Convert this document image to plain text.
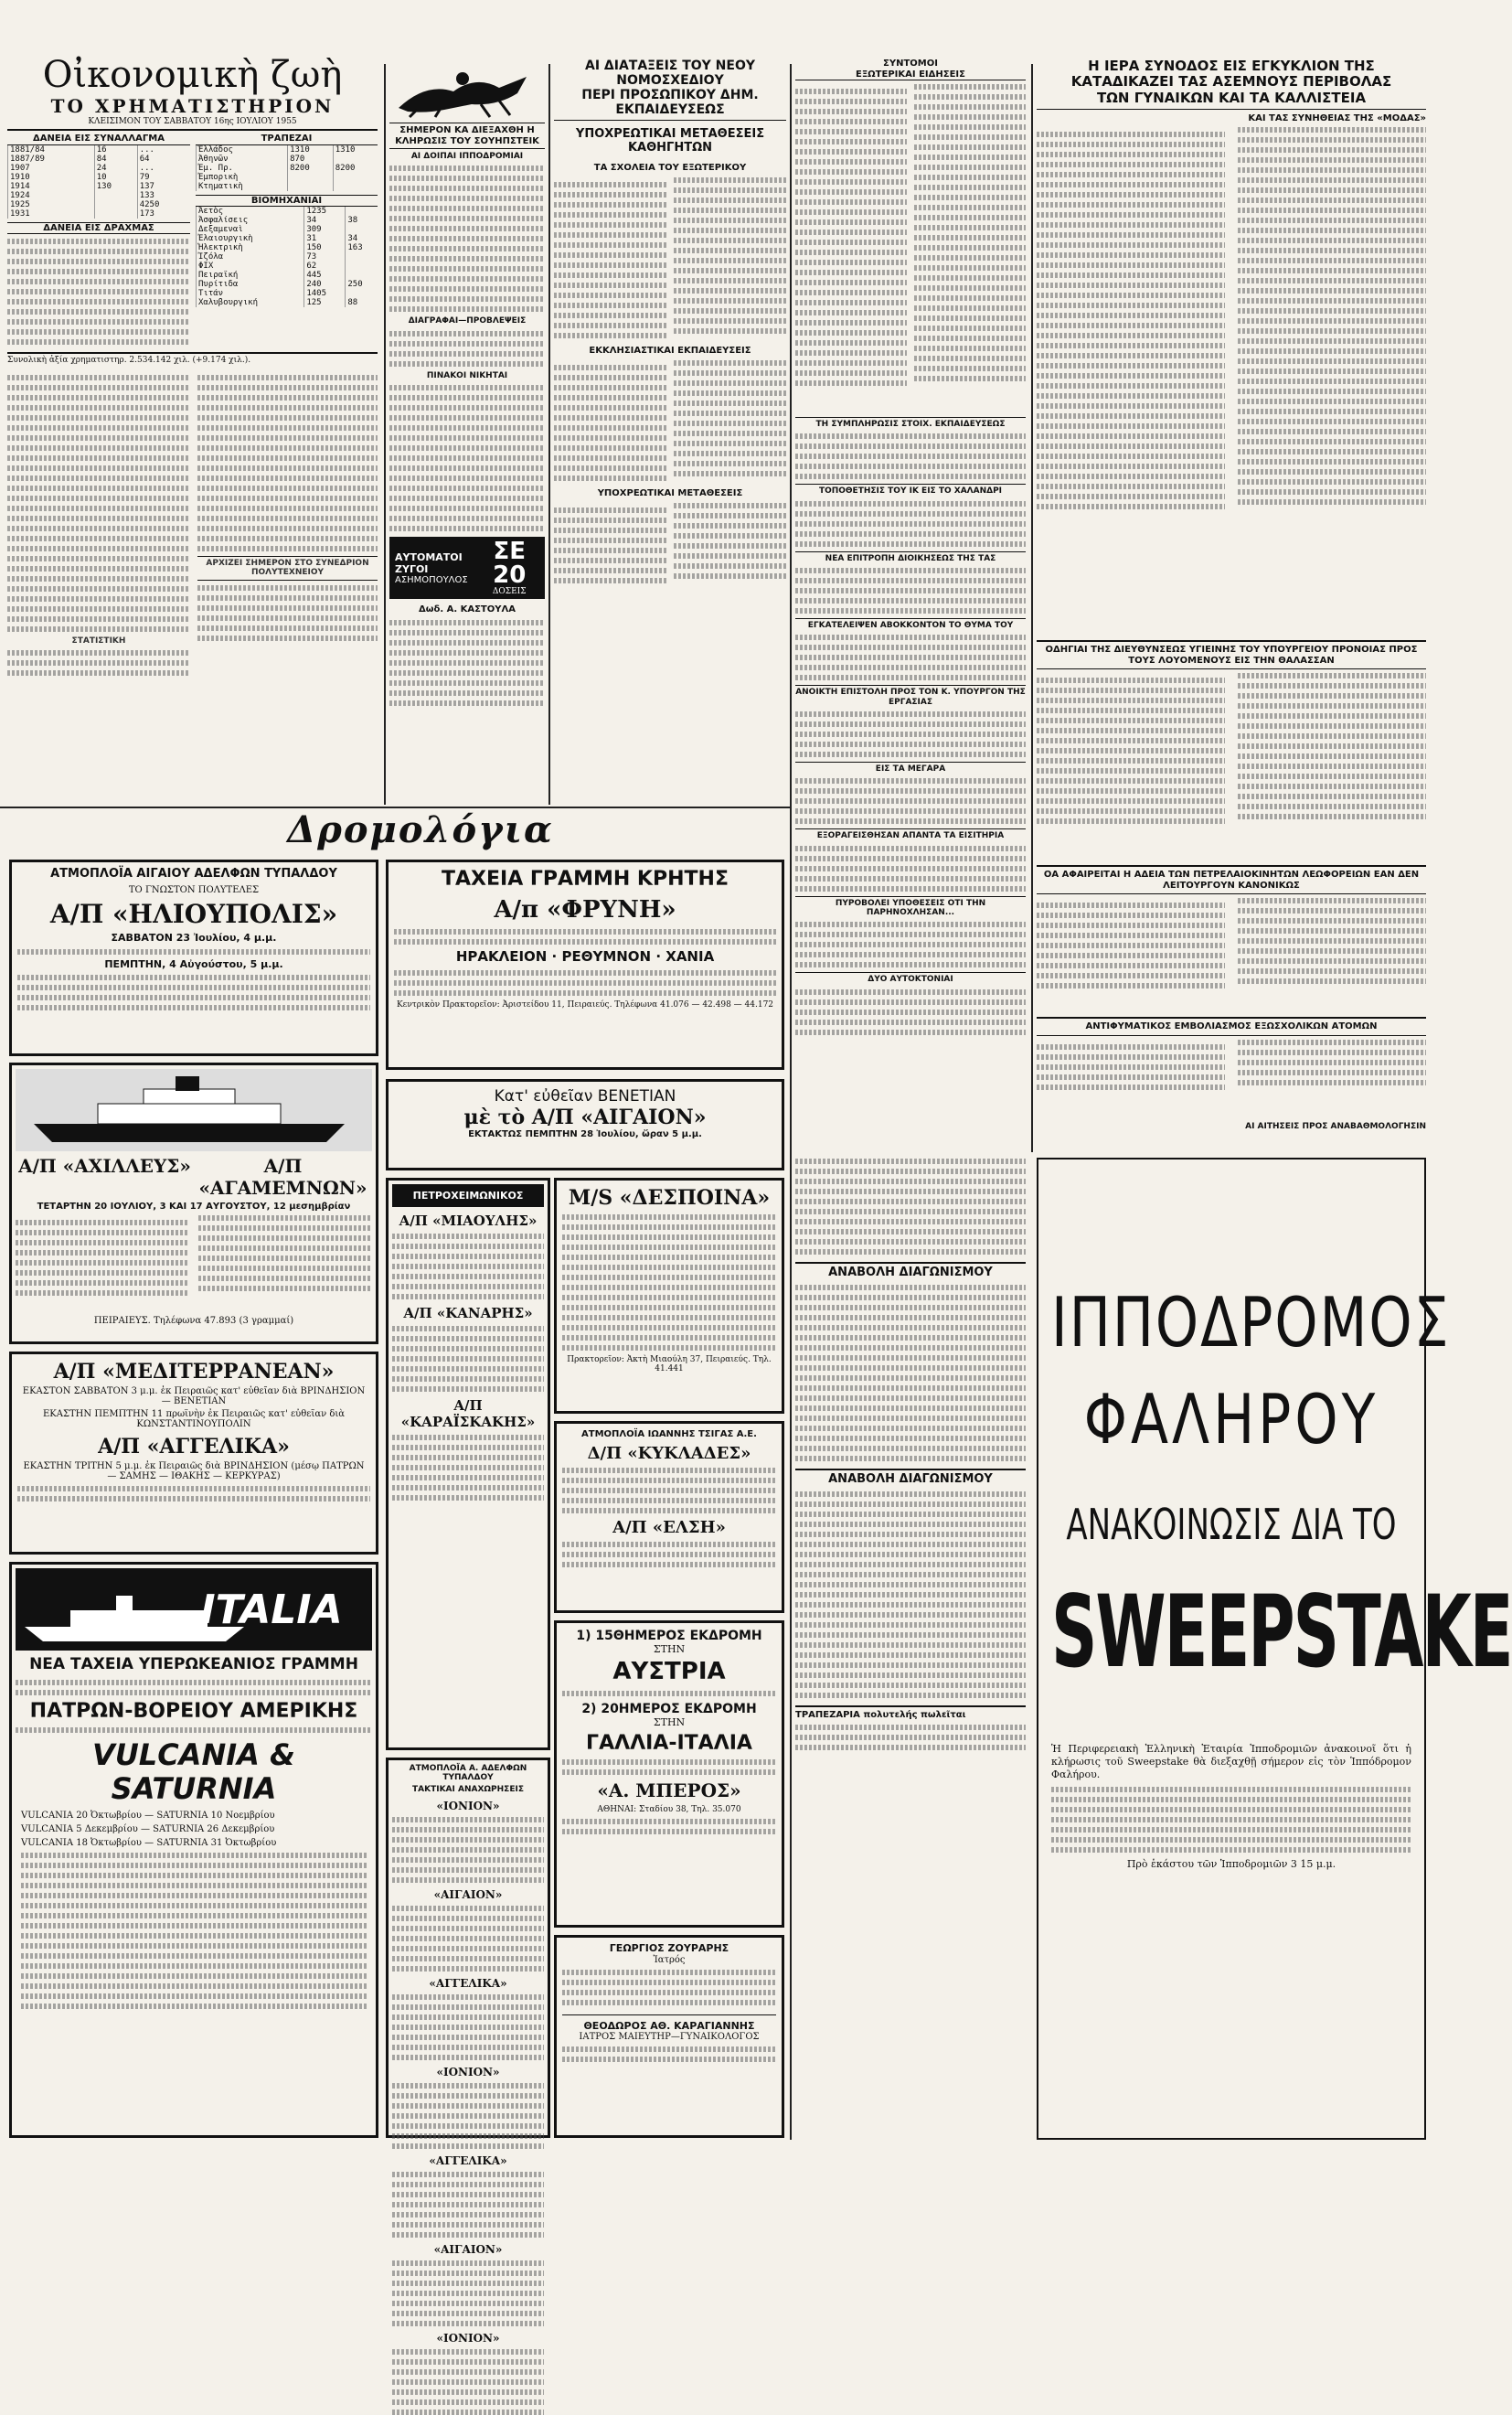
Οἰκονομικὴ ζωὴ
ΤΟ ΧΡΗΜΑΤΙΣΤΗΡΙΟΝ
ΚΛΕΙΣΙΜΟΝ ΤΟΥ ΣΑΒΒΑΤΟΥ 16ης ΙΟΥΛΙΟΥ 1955
ΔΑΝΕΙΑ ΕΙΣ ΣΥΝΑΛΛΑΓΜΑ
1881/84	16	...
1887/89	84	64
1907	24	...
1910	10	79
1914	130	137
1924		133
1925		4250
1931		173
ΔΑΝΕΙΑ ΕΙΣ ΔΡΑΧΜΑΣ
ΤΡΑΠΕΖΑΙ
Ἑλλάδος	1310	1310
Ἀθηνῶν	870	
Ἐμ. Πρ.	8200	8200
Ἐμπορικὴ		
Κτηματικὴ		
ΒΙΟΜΗΧΑΝΙΑΙ
Ἀετὸς	1235	
Ἀσφαλίσεις	34	38
Δεξαμεναὶ	309	
Ἐλαιουργικὴ	31	34
Ἡλεκτρικὴ	150	163
Ἰζόλα	73	
ΦΙΧ	62	
Πειραϊκή	445	
Πυρίτιδα	240	250
Τιτάν	1405	
Χαλυβουργική	125	88
Συνολικὴ ἀξία χρηματιστηρ. 2.534.142 χιλ. (+9.174 χιλ.).
ΣΤΑΤΙΣΤΙΚΗ
ΑΡΧΙΖΕΙ ΣΗΜΕΡΟΝ ΣΤΟ ΣΥΝΕΔΡΙΟΝ ΠΟΛΥΤΕΧΝΕΙΟΥ
ΣΗΜΕΡΟΝ ΚΑ ΔΙΕΞΑΧΘΗ Η ΚΛΗΡΩΣΙΣ ΤΟΥ ΣΟΥΗΠΣΤΕΙΚ
ΑΙ ΔΟΙΠΑΙ ΙΠΠΟΔΡΟΜΙΑΙ
ΔΙΑΓΡΑΦΑΙ—ΠΡΟΒΛΕΨΕΙΣ
ΠΙΝΑΚΟΙ ΝΙΚΗΤΑΙ
ΑΥΤΟΜΑΤΟΙ ΖΥΓΟΙ
ΑΣΗΜΟΠΟΥΛΟΣ
ΣΕ 20
ΔΟΣΕΙΣ
Δωδ. Α. ΚΑΣΤΟΥΛΑ
ΑΙ ΔΙΑΤΑΞΕΙΣ ΤΟΥ ΝΕΟΥ ΝΟΜΟΣΧΕΔΙΟΥ
ΠΕΡΙ ΠΡΟΣΩΠΙΚΟΥ ΔΗΜ. ΕΚΠΑΙΔΕΥΣΕΩΣ
ΥΠΟΧΡΕΩΤΙΚΑΙ ΜΕΤΑΘΕΣΕΙΣ ΚΑΘΗΓΗΤΩΝ
ΤΑ ΣΧΟΛΕΙΑ ΤΟΥ ΕΞΩΤΕΡΙΚΟΥ
ΕΚΚΛΗΣΙΑΣΤΙΚΑΙ ΕΚΠΑΙΔΕΥΣΕΙΣ
ΥΠΟΧΡΕΩΤΙΚΑΙ ΜΕΤΑΘΕΣΕΙΣ
ΣΥΝΤΟΜΟΙ
ΕΞΩΤΕΡΙΚΑΙ ΕΙΔΗΣΕΙΣ
ΤΗ ΣΥΜΠΛΗΡΩΣΙΣ ΣΤΟΙΧ. ΕΚΠΑΙΔΕΥΣΕΩΣ
ΤΟΠΟΘΕΤΗΣΙΣ ΤΟΥ ΙΚ ΕΙΣ ΤΟ ΧΑΛΑΝΔΡΙ
ΝΕΑ ΕΠΙΤΡΟΠΗ ΔΙΟΙΚΗΣΕΩΣ ΤΗΣ ΤΑΣ
ΕΓΚΑΤΕΛΕΙΨΕΝ ΑΒΟΚΚΟΝΤΟΝ ΤΟ ΘΥΜΑ ΤΟΥ
ΑΝΟΙΚΤΗ ΕΠΙΣΤΟΛΗ ΠΡΟΣ ΤΟΝ Κ. ΥΠΟΥΡΓΟΝ ΤΗΣ ΕΡΓΑΣΙΑΣ
ΕΙΣ ΤΑ ΜΕΓΑΡΑ
ΕΞΟΡΑΓΕΙΣΘΗΣΑΝ ΑΠΑΝΤΑ ΤΑ ΕΙΣΙΤΗΡΙΑ
ΠΥΡΟΒΟΛΕΙ ΥΠΟΘΕΣΕΙΣ ΟΤΙ ΤΗΝ ΠΑΡΗΝΟΧΛΗΣΑΝ...
ΔΥΟ ΑΥΤΟΚΤΟΝΙΑΙ
Η ΙΕΡΑ ΣΥΝΟΔΟΣ ΕΙΣ ΕΓΚΥΚΛΙΟΝ ΤΗΣ
ΚΑΤΑΔΙΚΑΖΕΙ ΤΑΣ ΑΣΕΜΝΟΥΣ ΠΕΡΙΒΟΛΑΣ
ΤΩΝ ΓΥΝΑΙΚΩΝ ΚΑΙ ΤΑ ΚΑΛΛΙΣΤΕΙΑ
ΚΑΙ ΤΑΣ ΣΥΝΗΘΕΙΑΣ ΤΗΣ «ΜΟΔΑΣ»
ΟΔΗΓΙΑΙ ΤΗΣ ΔΙΕΥΘΥΝΣΕΩΣ ΥΓΙΕΙΝΗΣ ΤΟΥ ΥΠΟΥΡΓΕΙΟΥ ΠΡΟΝΟΙΑΣ ΠΡΟΣ ΤΟΥΣ ΛΟΥΟΜΕΝΟΥΣ ΕΙΣ ΤΗΝ ΘΑΛΑΣΣΑΝ
ΟΑ ΑΦΑΙΡΕΙΤΑΙ Η ΑΔΕΙΑ ΤΩΝ ΠΕΤΡΕΛΑΙΟΚΙΝΗΤΩΝ ΛΕΩΦΟΡΕΙΩΝ ΕΑΝ ΔΕΝ ΛΕΙΤΟΥΡΓΟΥΝ ΚΑΝΟΝΙΚΩΣ
ΑΝΤΙΦΥΜΑΤΙΚΟΣ ΕΜΒΟΛΙΑΣΜΟΣ ΕΞΩΣΧΟΛΙΚΩΝ ΑΤΟΜΩΝ
ΑΙ ΑΙΤΗΣΕΙΣ ΠΡΟΣ ΑΝΑΒΑΘΜΟΛΟΓΗΣΙΝ
Δρομολόγια
ΑΤΜΟΠΛΟΪΑ ΑΙΓΑΙΟΥ ΑΔΕΛΦΩΝ ΤΥΠΑΛΔΟΥ
ΤΟ ΓΝΩΣΤΟΝ ΠΟΛΥΤΕΛΕΣ
Α/Π «ΗΛΙΟΥΠΟΛΙΣ»
ΣΑΒΒΑΤΟΝ 23 Ἰουλίου, 4 μ.μ.
ΠΕΜΠΤΗΝ, 4 Αὐγούστου, 5 μ.μ.
Α/Π «ΑΧΙΛΛΕΥΣ»	Α/Π «ΑΓΑΜΕΜΝΩΝ»
ΤΕΤΑΡΤΗΝ 20 ΙΟΥΛΙΟΥ, 3 ΚΑΙ 17 ΑΥΓΟΥΣΤΟΥ, 12 μεσημβρίαν
ΠΕΙΡΑΙΕΥΣ. Τηλέφωνα 47.893 (3 γραμμαί)
Α/Π «ΜΕΔΙΤΕΡΡΑΝΕΑΝ»
ΕΚΑΣΤΟΝ ΣΑΒΒΑΤΟΝ 3 μ.μ. ἐκ Πειραιῶς κατ' εὐθεῖαν διὰ ΒΡΙΝΔΗΣΙΟΝ — ΒΕΝΕΤΙΑΝ
ΕΚΑΣΤΗΝ ΠΕΜΠΤΗΝ 11 πρωϊνὴν ἐκ Πειραιῶς κατ' εὐθεῖαν διὰ ΚΩΝΣΤΑΝΤΙΝΟΥΠΟΛΙΝ
Α/Π «ΑΓΓΕΛΙΚΑ»
ΕΚΑΣΤΗΝ ΤΡΙΤΗΝ 5 μ.μ. ἐκ Πειραιῶς διὰ ΒΡΙΝΔΗΣΙΟΝ (μέσῳ ΠΑΤΡΩΝ — ΣΑΜΗΣ — ΙΘΑΚΗΣ — ΚΕΡΚΥΡΑΣ)
ITALIA
ΝΕΑ ΤΑΧΕΙΑ ΥΠΕΡΩΚΕΑΝΙΟΣ ΓΡΑΜΜΗ
ΠΑΤΡΩΝ-ΒΟΡΕΙΟΥ ΑΜΕΡΙΚΗΣ
VULCANIA & SATURNIA
VULCANIA 20 Ὀκτωβρίου — SATURNIA 10 Νοεμβρίου
VULCANIA 5 Δεκεμβρίου — SATURNIA 26 Δεκεμβρίου
VULCANIA 18 Ὀκτωβρίου — SATURNIA 31 Ὀκτωβρίου
ΤΑΧΕΙΑ ΓΡΑΜΜΗ ΚΡΗΤΗΣ
Α/π «ΦΡΥΝΗ»
ΗΡΑΚΛΕΙΟΝ · ΡΕΘΥΜΝΟΝ · ΧΑΝΙΑ
Κεντρικὸν Πρακτορεῖον: Ἀριστείδου 11, Πειραιεύς. Τηλέφωνα 41.076 — 42.498 — 44.172
Κατ' εὐθεῖαν BENETIAN
μὲ τὸ Α/Π «ΑΙΓΑΙΟΝ»
ΕΚΤΑΚΤΩΣ ΠΕΜΠΤΗΝ 28 Ἰουλίου, ὥραν 5 μ.μ.
ΠΕΤΡΟΧΕΙΜΩΝΙΚΟΣ
Α/Π «ΜΙΑΟΥΛΗΣ»
Α/Π «ΚΑΝΑΡΗΣ»
Α/Π «ΚΑΡΑΪΣΚΑΚΗΣ»
M/S «ΔΕΣΠΟΙΝΑ»
Πρακτορεῖον: Ἀκτὴ Μιαούλη 37, Πειραιεύς. Τηλ. 41.441
ΑΤΜΟΠΛΟΪΑ ΙΩΑΝΝΗΣ ΤΣΙΓΑΣ Α.Ε.
Δ/Π «ΚΥΚΛΑΔΕΣ»
Α/Π «ΕΛΣΗ»
ΑΤΜΟΠΛΟΪΑ Α. ΑΔΕΛΦΩΝ ΤΥΠΑΛΔΟΥ
ΤΑΚΤΙΚΑΙ ΑΝΑΧΩΡΗΣΕΙΣ
«ΙΟΝΙΟΝ»
«ΑΙΓΑΙΟΝ»
«ΑΓΓΕΛΙΚΑ»
«ΙΟΝΙΟΝ»
«ΑΓΓΕΛΙΚΑ»
«ΑΙΓΑΙΟΝ»
«ΙΟΝΙΟΝ»
1) 15ΘΗΜΕΡΟΣ ΕΚΔΡΟΜΗ
ΣΤΗΝ
ΑΥΣΤΡΙΑ
2) 20ΗΜΕΡΟΣ ΕΚΔΡΟΜΗ
ΣΤΗΝ
ΓΑΛΛΙΑ-ΙΤΑΛΙΑ
«Α. ΜΠΕΡΟΣ»
ΑΘΗΝΑΙ: Σταδίου 38, Τηλ. 35.070
ΓΕΩΡΓΙΟΣ ΖΟΥΡΑΡΗΣ
Ἰατρός
ΘΕΟΔΩΡΟΣ ΑΘ. ΚΑΡΑΓΙΑΝΝΗΣ
ΙΑΤΡΟΣ ΜΑΙΕΥΤΗΡ—ΓΥΝΑΙΚΟΛΟΓΟΣ
ΑΝΑΒΟΛΗ ΔΙΑΓΩΝΙΣΜΟΥ
ΑΝΑΒΟΛΗ ΔΙΑΓΩΝΙΣΜΟΥ
ΤΡΑΠΕΖΑΡΙΑ πολυτελής πωλεῖται
ΙΠΠΟΔΡΟΜΟΣ
ΦΑΛΗΡΟΥ
ΑΝΑΚΟΙΝΩΣΙΣ ΔΙΑ ΤΟ
SWEEPSTAKE
Ἡ Περιφερειακὴ Ἑλληνικὴ Ἑταιρία Ἱπποδρομιῶν ἀνακοινοῖ ὅτι ἡ κλήρωσις τοῦ Sweepstake θὰ διεξαχθῇ σήμερον εἰς τὸν Ἱππόδρομον Φαλήρου.
Πρὸ ἑκάστου τῶν Ἱπποδρομιῶν 3 15 μ.μ.
